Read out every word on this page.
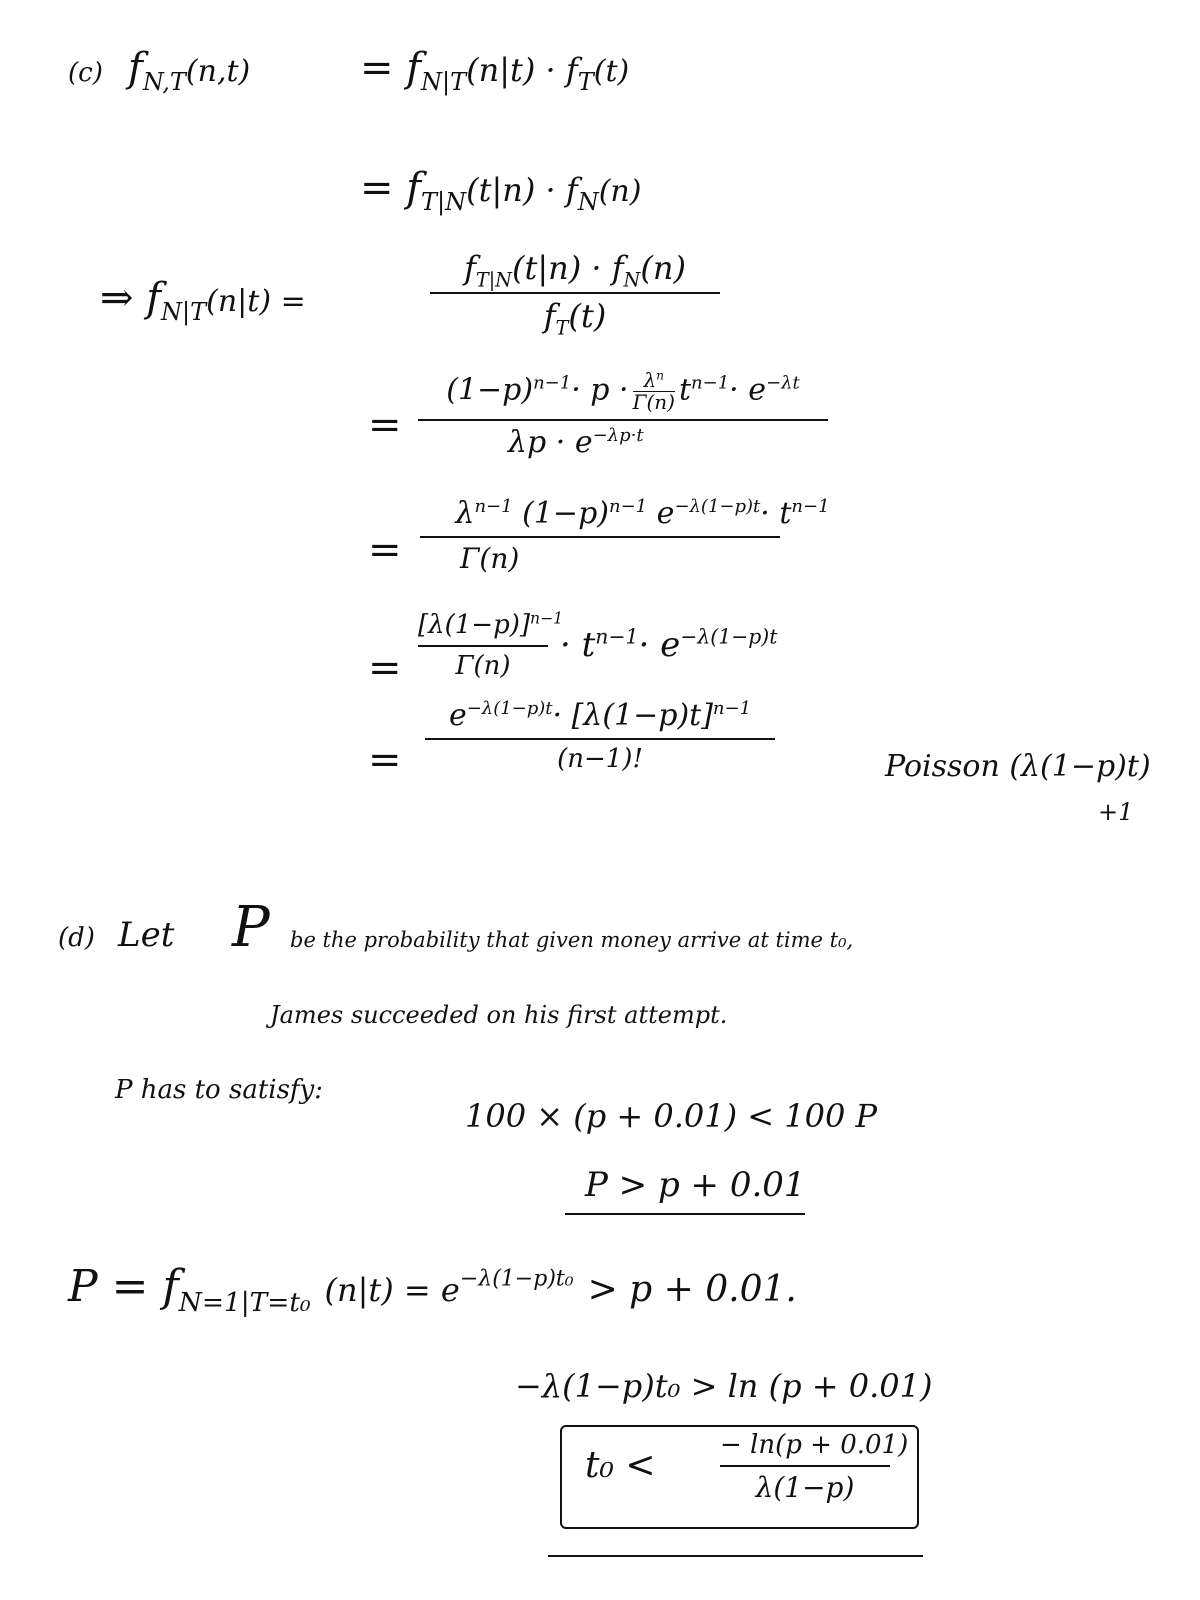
(c) $f_{N,T}(n,t)$	= $f_{N|T}(n|t) \cdot f_T(t)$
= $f_{T|N}(t|n) \cdot f_N(n)$
⇒ $f_{N|T}(n|t)$ =
$f_{T|N}(t|n) \cdot f_N(n)$
$f_T(t)$
=
$(1-p)^{n-1}\cdot p \cdot \frac{\lambda^n}{\Gamma(n)} t^{n-1}\cdot e^{-\lambda t}$
$\lambda p \cdot e^{-\lambda p\cdot t}$
=
$\lambda^{n-1}$ $(1-p)^{n-1}$ $e^{-\lambda(1-p)t}\cdot t^{n-1}$
Γ(n)
=
$[\lambda(1-p)]^{n-1}$
Γ(n)
· $t^{n-1}\cdot e^{-\lambda(1-p)t}$
=
$e^{-\lambda(1-p)t}\cdot [\lambda(1-p)t]^{n-1}$
(n−1)!	Poisson (λ(1−p)t)
+1
(d) Let P be the probability that given money arrive at time t₀,
James succeeded on his first attempt.
P has to satisfy:
100 × (p + 0.01) < 100 P
P > p + 0.01
$P = f_{N=1|T=t_0}$ $(n|t) = e^{-\lambda(1-p)t_0} > p + 0.01$.
−λ(1−p)t₀ > ln (p + 0.01)
t₀ < − ln(p + 0.01)
λ(1−p)
